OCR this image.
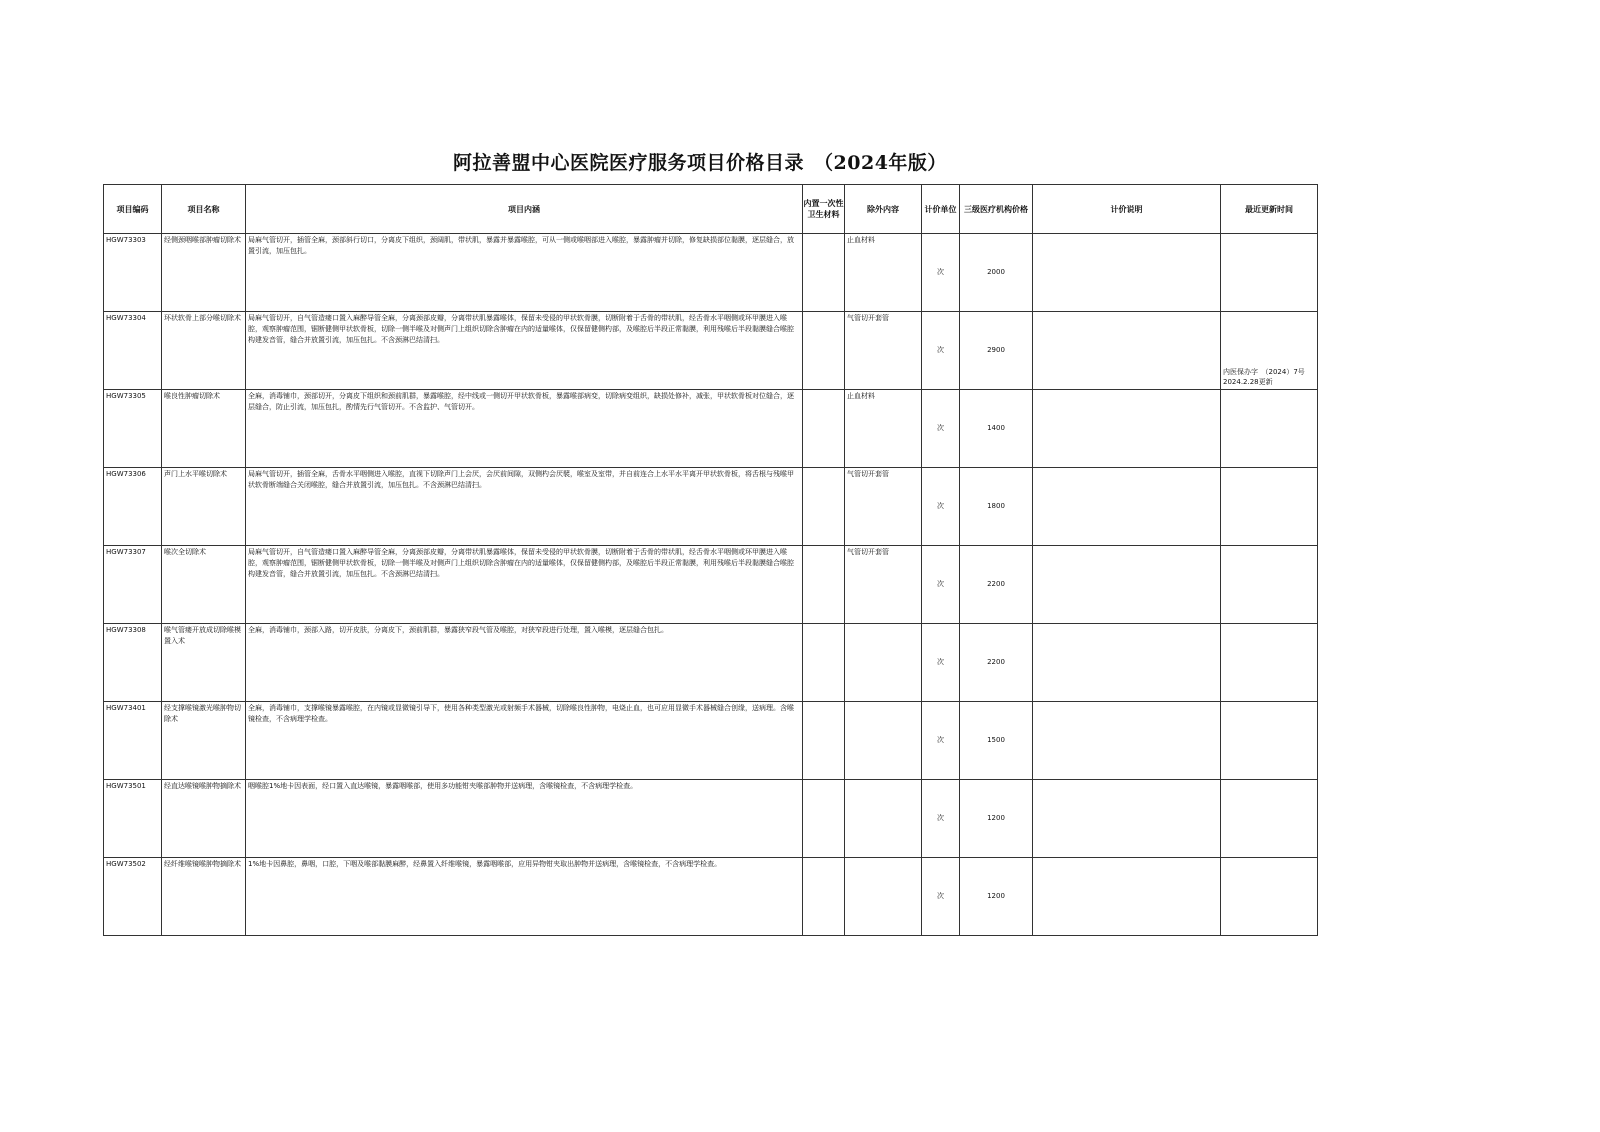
阿拉善盟中心医院医疗服务项目价格目录　（2024年版）
项目编码	项目名称	项目内涵	内置一次性卫生材料	除外内容	计价单位	三级医疗机构价格	计价说明	最近更新时间

HGW73303	经侧颈咽喉部肿瘤切除术	局麻气管切开，插管全麻，颈部斜行切口，分离皮下组织，颈阔肌，带状肌，暴露并暴露喉腔，可从一侧或喉咽部进入喉腔，暴露肿瘤并切除，修复缺损部位黏膜，逐层缝合，放置引流，加压包扎。		止血材料	次	2000		

HGW73304	环状软骨上部分喉切除术	局麻气管切开，自气管造瘘口置入麻醉导管全麻，分离颈部皮瓣，分离带状肌暴露喉体，保留未受侵的甲状软骨膜，切断附着于舌骨的带状肌，经舌骨水平咽侧或环甲膜进入喉腔，观察肿瘤范围，锯断健侧甲状软骨板，切除一侧半喉及对侧声门上组织切除含肿瘤在内的适量喉体，仅保留健侧杓部，及喉腔后半段正常黏膜，利用残喉后半段黏膜缝合喉腔构建发音管，缝合并放置引流，加压包扎。不含颈淋巴结清扫。		气管切开套管	次	2900		内医保办字　（2024）7号 2024.2.28更新

HGW73305	喉良性肿瘤切除术	全麻，消毒铺巾，颈部切开，分离皮下组织和颈前肌群，暴露喉腔，经中线或一侧切开甲状软骨板，暴露喉部病变，切除病变组织，缺损处修补，减张，甲状软骨板对位缝合，逐层缝合，防止引流，加压包扎，酌情先行气管切开。不含监护、气管切开。		止血材料	次	1400		

HGW73306	声门上水平喉切除术	局麻气管切开，插管全麻，舌骨水平咽侧进入喉腔，直视下切除声门上会厌，会厌前间隙，双侧杓会厌襞，喉室及室带，并自前连合上水平水平离开甲状软骨板，将舌根与残喉甲状软骨断端缝合关闭喉腔，缝合并放置引流，加压包扎。不含颈淋巴结清扫。		气管切开套管	次	1800		

HGW73307	喉次全切除术	局麻气管切开，自气管造瘘口置入麻醉导管全麻，分离颈部皮瓣，分离带状肌暴露喉体，保留未受侵的甲状软骨膜，切断附着于舌骨的带状肌，经舌骨水平咽侧或环甲膜进入喉腔，观察肿瘤范围，锯断健侧甲状软骨板，切除一侧半喉及对侧声门上组织切除含肿瘤在内的适量喉体，仅保留健侧杓部，及喉腔后半段正常黏膜，利用残喉后半段黏膜缝合喉腔构建发音管，缝合并放置引流，加压包扎。不含颈淋巴结清扫。		气管切开套管	次	2200		

HGW73308	喉气管瘘开放成切除喉模置入术	全麻，消毒铺巾，颈部入路，切开皮肤，分离皮下，颈前肌群，暴露狭窄段气管及喉腔，对狭窄段进行处理，置入喉模，逐层缝合包扎。			次	2200		

HGW73401	经支撑喉镜激光喉肿物切除术	全麻，消毒铺巾，支撑喉镜暴露喉腔，在内镜或显微镜引导下，使用各种类型激光或射频手术器械，切除喉良性肿物，电烧止血，也可应用显微手术器械缝合创缘，送病理。含喉镜检查，不含病理学检查。			次	1500		

HGW73501	经直达喉镜喉肿物摘除术	咽喉腔1%地卡因表面，经口置入直达喉镜，暴露咽喉部，使用多功能钳夹喉部肿物并送病理，含喉镜检查，不含病理学检查。			次	1200		

HGW73502	经纤维喉镜喉肿物摘除术	1%地卡因鼻腔，鼻咽，口腔，下咽及喉部黏膜麻醉，经鼻置入纤维喉镜，暴露咽喉部，应用异物钳夹取出肿物并送病理，含喉镜检查，不含病理学检查。			次	1200		
